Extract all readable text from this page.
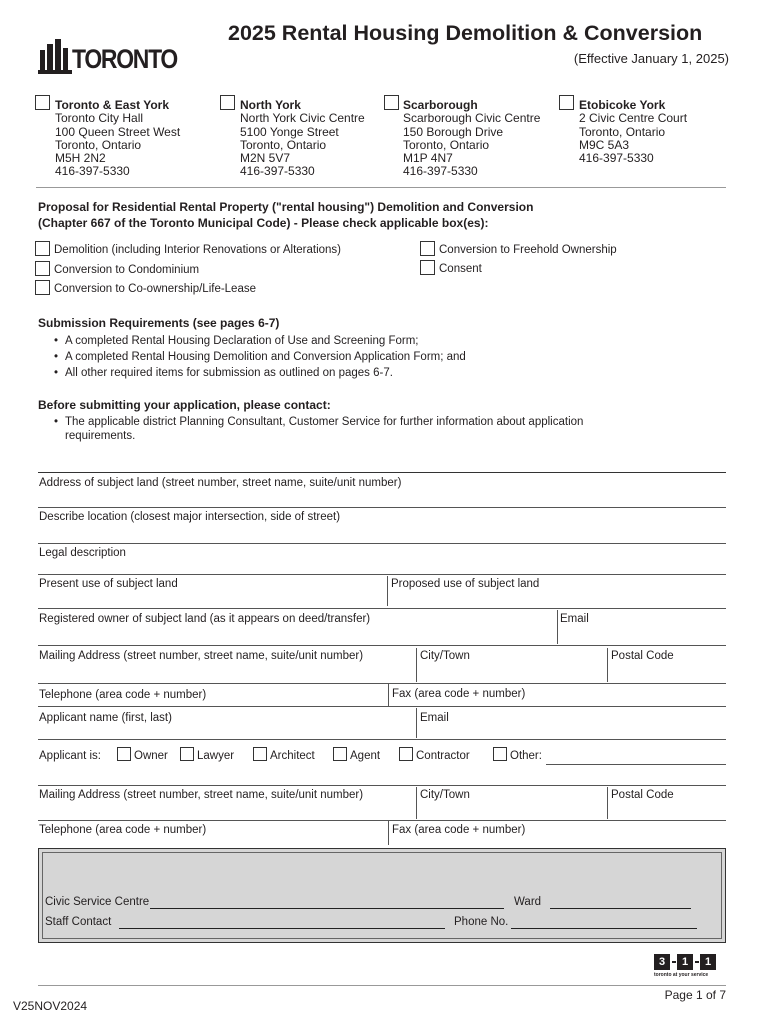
TORONTO
2025 Rental Housing Demolition & Conversion
(Effective January 1, 2025)
Toronto & East York
Toronto City Hall
100 Queen Street West
Toronto, Ontario
M5H 2N2
416-397-5330
North York
North York Civic Centre
5100 Yonge Street
Toronto, Ontario
M2N 5V7
416-397-5330
Scarborough
Scarborough Civic Centre
150 Borough Drive
Toronto, Ontario
M1P 4N7
416-397-5330
Etobicoke York
2 Civic Centre Court
Toronto, Ontario
M9C 5A3
416-397-5330
Proposal for Residential Rental Property ("rental housing") Demolition and Conversion
(Chapter 667 of the Toronto Municipal Code) - Please check applicable box(es):
Demolition (including Interior Renovations or Alterations)
Conversion to Condominium
Conversion to Co-ownership/Life-Lease
Conversion to Freehold Ownership
Consent
Submission Requirements (see pages 6-7)
• A completed Rental Housing Declaration of Use and Screening Form;
• A completed Rental Housing Demolition and Conversion Application Form; and
• All other required items for submission as outlined on pages 6-7.
Before submitting your application, please contact:
• The applicable district Planning Consultant, Customer Service for further information about application
requirements.
Address of subject land (street number, street name, suite/unit number)
Describe location (closest major intersection, side of street)
Legal description
Present use of subject land	Proposed use of subject land
Registered owner of subject land (as it appears on deed/transfer)	Email
Mailing Address (street number, street name, suite/unit number)	City/Town	Postal Code
Telephone (area code + number)	Fax (area code + number)
Applicant name (first, last)	Email
Applicant is:	Owner	Lawyer	Architect	Agent	Contractor	Other:
Mailing Address (street number, street name, suite/unit number)	City/Town	Postal Code
Telephone (area code + number)	Fax (area code + number)
Civic Service Centre	Ward
Staff Contact	Phone No.
3	1	1
toronto at your service
Page 1 of 7
V25NOV2024
